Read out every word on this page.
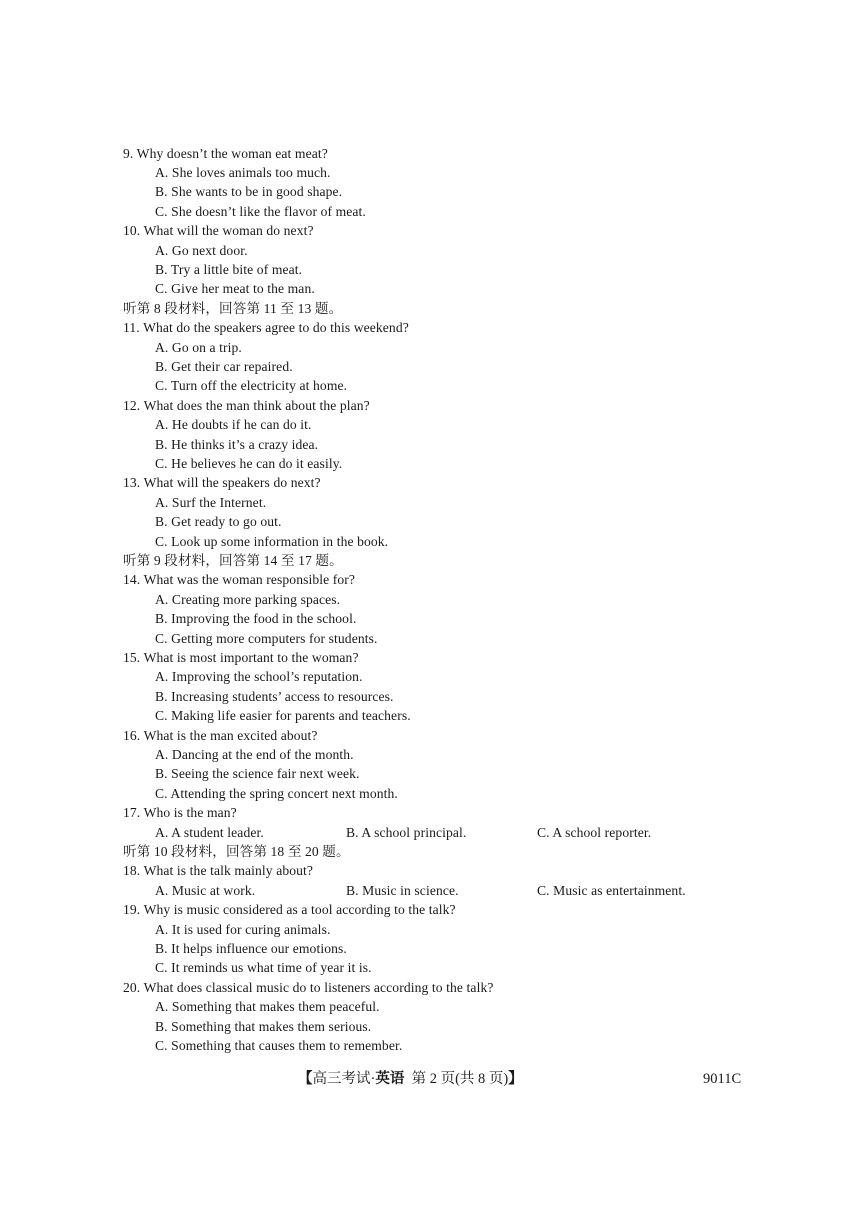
9. Why doesn’t the woman eat meat?
A. She loves animals too much.
B. She wants to be in good shape.
C. She doesn’t like the flavor of meat.
10. What will the woman do next?
A. Go next door.
B. Try a little bite of meat.
C. Give her meat to the man.
听第 8 段材料，回答第 11 至 13 题。
11. What do the speakers agree to do this weekend?
A. Go on a trip.
B. Get their car repaired.
C. Turn off the electricity at home.
12. What does the man think about the plan?
A. He doubts if he can do it.
B. He thinks it’s a crazy idea.
C. He believes he can do it easily.
13. What will the speakers do next?
A. Surf the Internet.
B. Get ready to go out.
C. Look up some information in the book.
听第 9 段材料，回答第 14 至 17 题。
14. What was the woman responsible for?
A. Creating more parking spaces.
B. Improving the food in the school.
C. Getting more computers for students.
15. What is most important to the woman?
A. Improving the school’s reputation.
B. Increasing students’ access to resources.
C. Making life easier for parents and teachers.
16. What is the man excited about?
A. Dancing at the end of the month.
B. Seeing the science fair next week.
C. Attending the spring concert next month.
17. Who is the man?
A. A student leader.	B. A school principal.	C. A school reporter.
听第 10 段材料，回答第 18 至 20 题。
18. What is the talk mainly about?
A. Music at work.	B. Music in science.	C. Music as entertainment.
19. Why is music considered as a tool according to the talk?
A. It is used for curing animals.
B. It helps influence our emotions.
C. It reminds us what time of year it is.
20. What does classical music do to listeners according to the talk?
A. Something that makes them peaceful.
B. Something that makes them serious.
C. Something that causes them to remember.
【高三考试·英语 第 2 页(共 8 页)】	9011C
